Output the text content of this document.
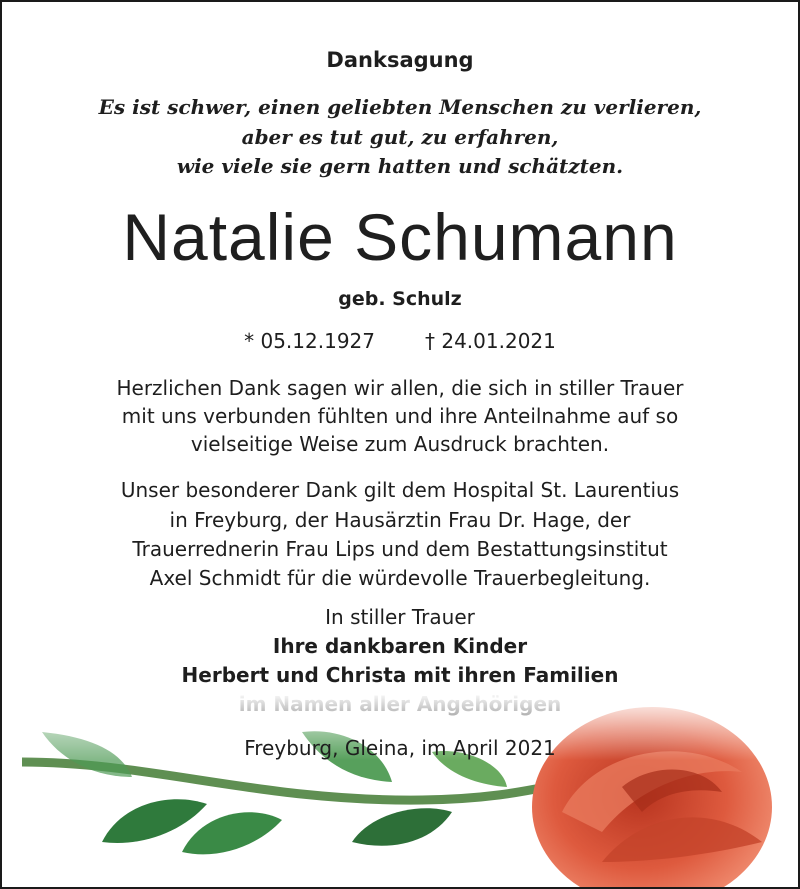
Danksagung
Es ist schwer, einen geliebten Menschen zu verlieren,
aber es tut gut, zu erfahren,
wie viele sie gern hatten und schätzten.
Natalie Schumann
geb. Schulz
* 05.12.1927	† 24.01.2021
Herzlichen Dank sagen wir allen, die sich in stiller Trauer
mit uns verbunden fühlten und ihre Anteilnahme auf so
vielseitige Weise zum Ausdruck brachten.
Unser besonderer Dank gilt dem Hospital St. Laurentius
in Freyburg, der Hausärztin Frau Dr. Hage, der
Trauerrednerin Frau Lips und dem Bestattungsinstitut
Axel Schmidt für die würdevolle Trauerbegleitung.
In stiller Trauer
Ihre dankbaren Kinder
Herbert und Christa mit ihren Familien
Freyburg, Gleina, im April 2021
